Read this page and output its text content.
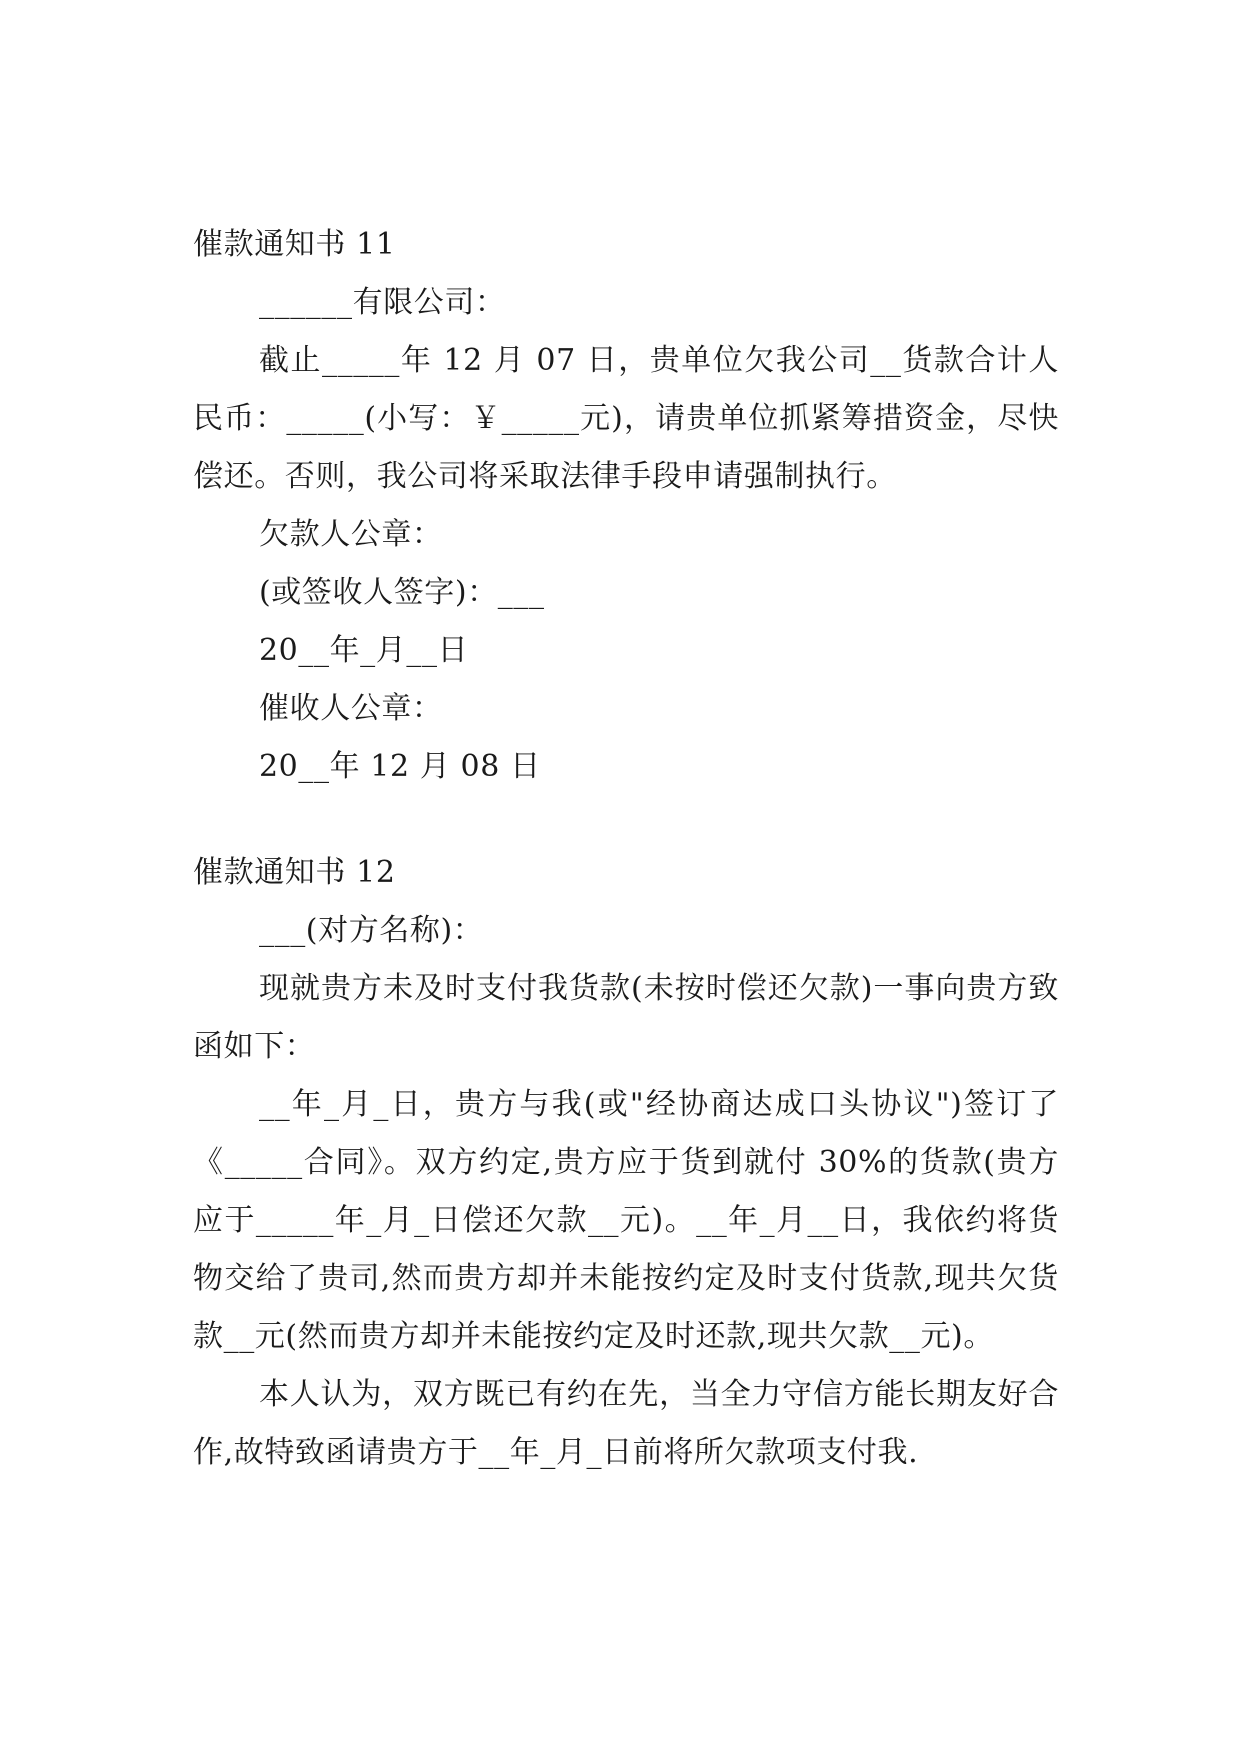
催款通知书 11

______有限公司：

截止_____年 12 月 07 日，贵单位欠我公司__货款合计人民币：_____(小写：￥_____元)，请贵单位抓紧筹措资金，尽快偿还。否则，我公司将采取法律手段申请强制执行。

欠款人公章：

(或签收人签字)：___

20__年_月__日

催收人公章：

20__年 12 月 08 日

催款通知书 12

___(对方名称)：

现就贵方未及时支付我货款(未按时偿还欠款)一事向贵方致函如下：

__年_月_日，贵方与我(或"经协商达成口头协议")签订了《_____合同》。双方约定,贵方应于货到就付 30%的货款(贵方应于_____年_月_日偿还欠款__元)。__年_月__日，我依约将货物交给了贵司,然而贵方却并未能按约定及时支付货款,现共欠货款__元(然而贵方却并未能按约定及时还款,现共欠款__元)。

本人认为，双方既已有约在先，当全力守信方能长期友好合作,故特致函请贵方于__年_月_日前将所欠款项支付我.
